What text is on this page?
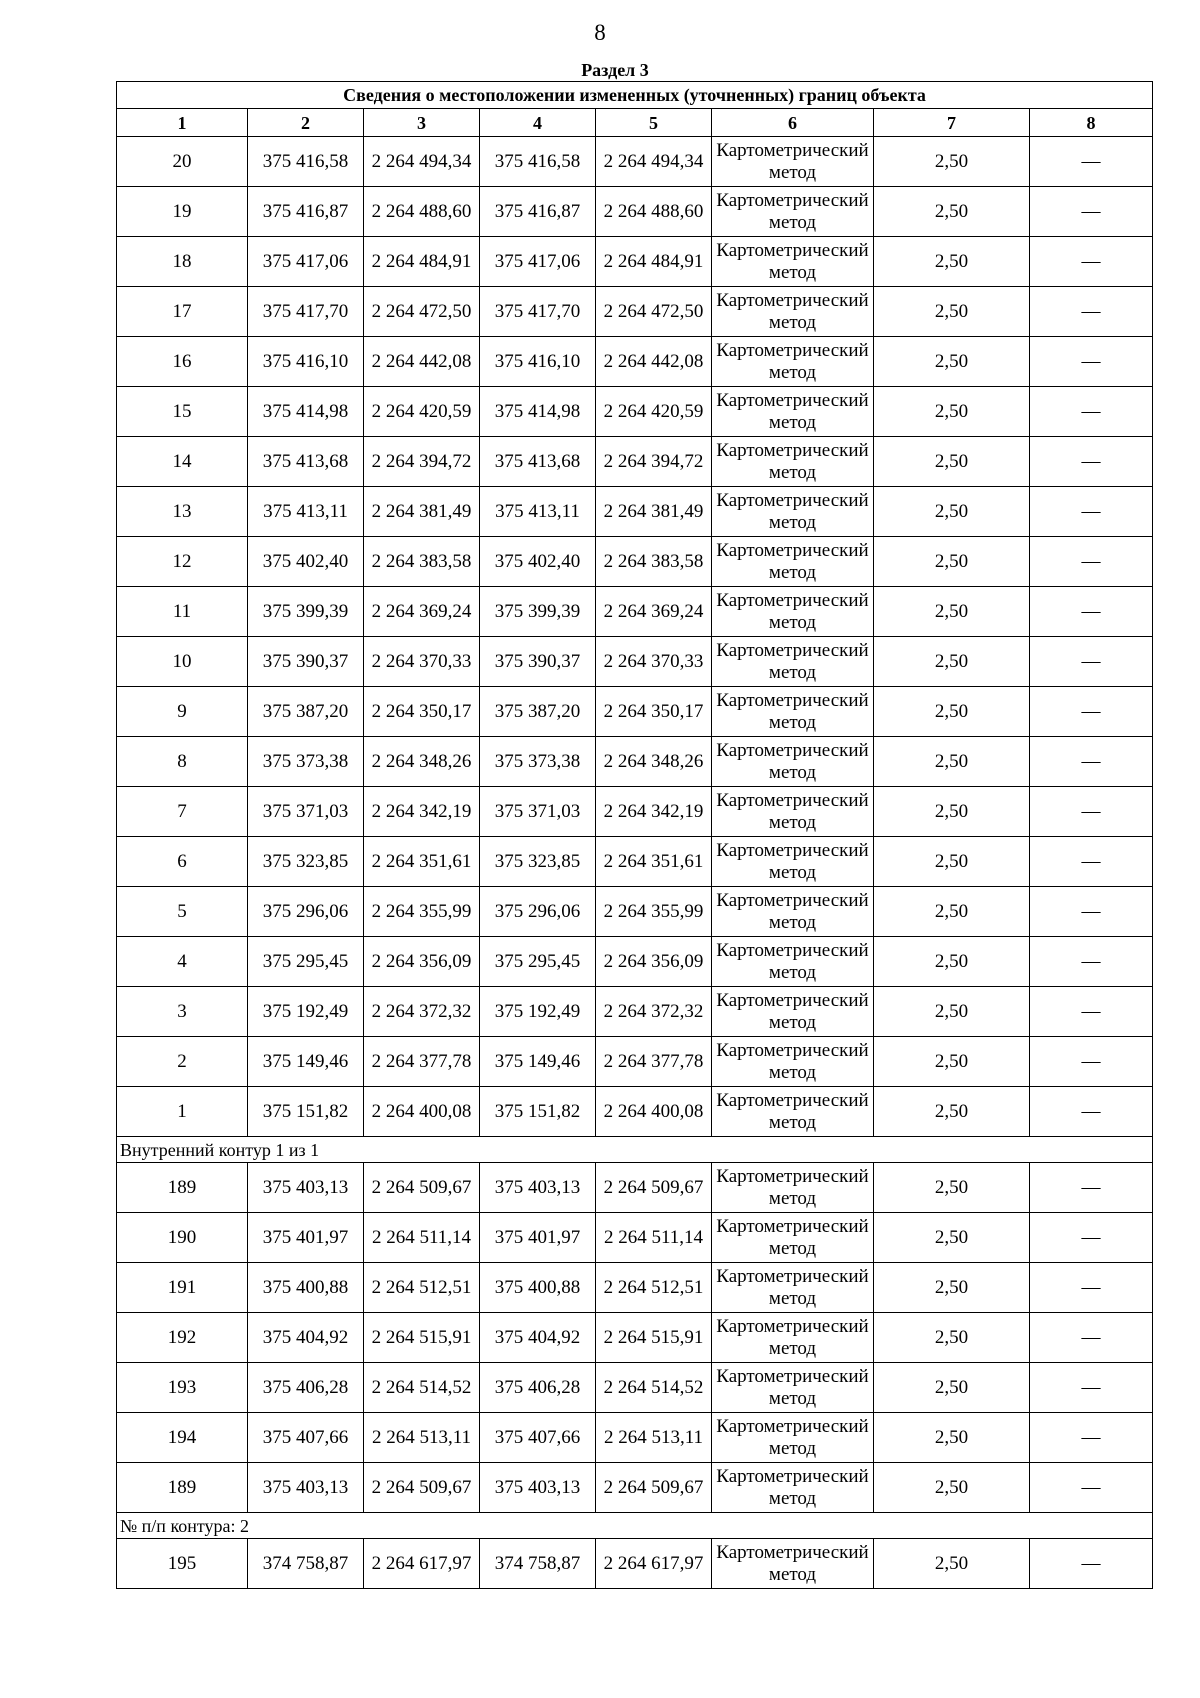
8
Раздел 3
Сведения о местоположении измененных (уточненных) границ объекта							
1	2	3	4	5	6	7	8
20	375 416,58	2 264 494,34	375 416,58	2 264 494,34	Картометрический метод	2,50	—
19	375 416,87	2 264 488,60	375 416,87	2 264 488,60	Картометрический метод	2,50	—
18	375 417,06	2 264 484,91	375 417,06	2 264 484,91	Картометрический метод	2,50	—
17	375 417,70	2 264 472,50	375 417,70	2 264 472,50	Картометрический метод	2,50	—
16	375 416,10	2 264 442,08	375 416,10	2 264 442,08	Картометрический метод	2,50	—
15	375 414,98	2 264 420,59	375 414,98	2 264 420,59	Картометрический метод	2,50	—
14	375 413,68	2 264 394,72	375 413,68	2 264 394,72	Картометрический метод	2,50	—
13	375 413,11	2 264 381,49	375 413,11	2 264 381,49	Картометрический метод	2,50	—
12	375 402,40	2 264 383,58	375 402,40	2 264 383,58	Картометрический метод	2,50	—
11	375 399,39	2 264 369,24	375 399,39	2 264 369,24	Картометрический метод	2,50	—
10	375 390,37	2 264 370,33	375 390,37	2 264 370,33	Картометрический метод	2,50	—
9	375 387,20	2 264 350,17	375 387,20	2 264 350,17	Картометрический метод	2,50	—
8	375 373,38	2 264 348,26	375 373,38	2 264 348,26	Картометрический метод	2,50	—
7	375 371,03	2 264 342,19	375 371,03	2 264 342,19	Картометрический метод	2,50	—
6	375 323,85	2 264 351,61	375 323,85	2 264 351,61	Картометрический метод	2,50	—
5	375 296,06	2 264 355,99	375 296,06	2 264 355,99	Картометрический метод	2,50	—
4	375 295,45	2 264 356,09	375 295,45	2 264 356,09	Картометрический метод	2,50	—
3	375 192,49	2 264 372,32	375 192,49	2 264 372,32	Картометрический метод	2,50	—
2	375 149,46	2 264 377,78	375 149,46	2 264 377,78	Картометрический метод	2,50	—
1	375 151,82	2 264 400,08	375 151,82	2 264 400,08	Картометрический метод	2,50	—
Внутренний контур 1 из 1							
189	375 403,13	2 264 509,67	375 403,13	2 264 509,67	Картометрический метод	2,50	—
190	375 401,97	2 264 511,14	375 401,97	2 264 511,14	Картометрический метод	2,50	—
191	375 400,88	2 264 512,51	375 400,88	2 264 512,51	Картометрический метод	2,50	—
192	375 404,92	2 264 515,91	375 404,92	2 264 515,91	Картометрический метод	2,50	—
193	375 406,28	2 264 514,52	375 406,28	2 264 514,52	Картометрический метод	2,50	—
194	375 407,66	2 264 513,11	375 407,66	2 264 513,11	Картометрический метод	2,50	—
189	375 403,13	2 264 509,67	375 403,13	2 264 509,67	Картометрический метод	2,50	—
№ п/п контура: 2							
195	374 758,87	2 264 617,97	374 758,87	2 264 617,97	Картометрический метод	2,50	—
